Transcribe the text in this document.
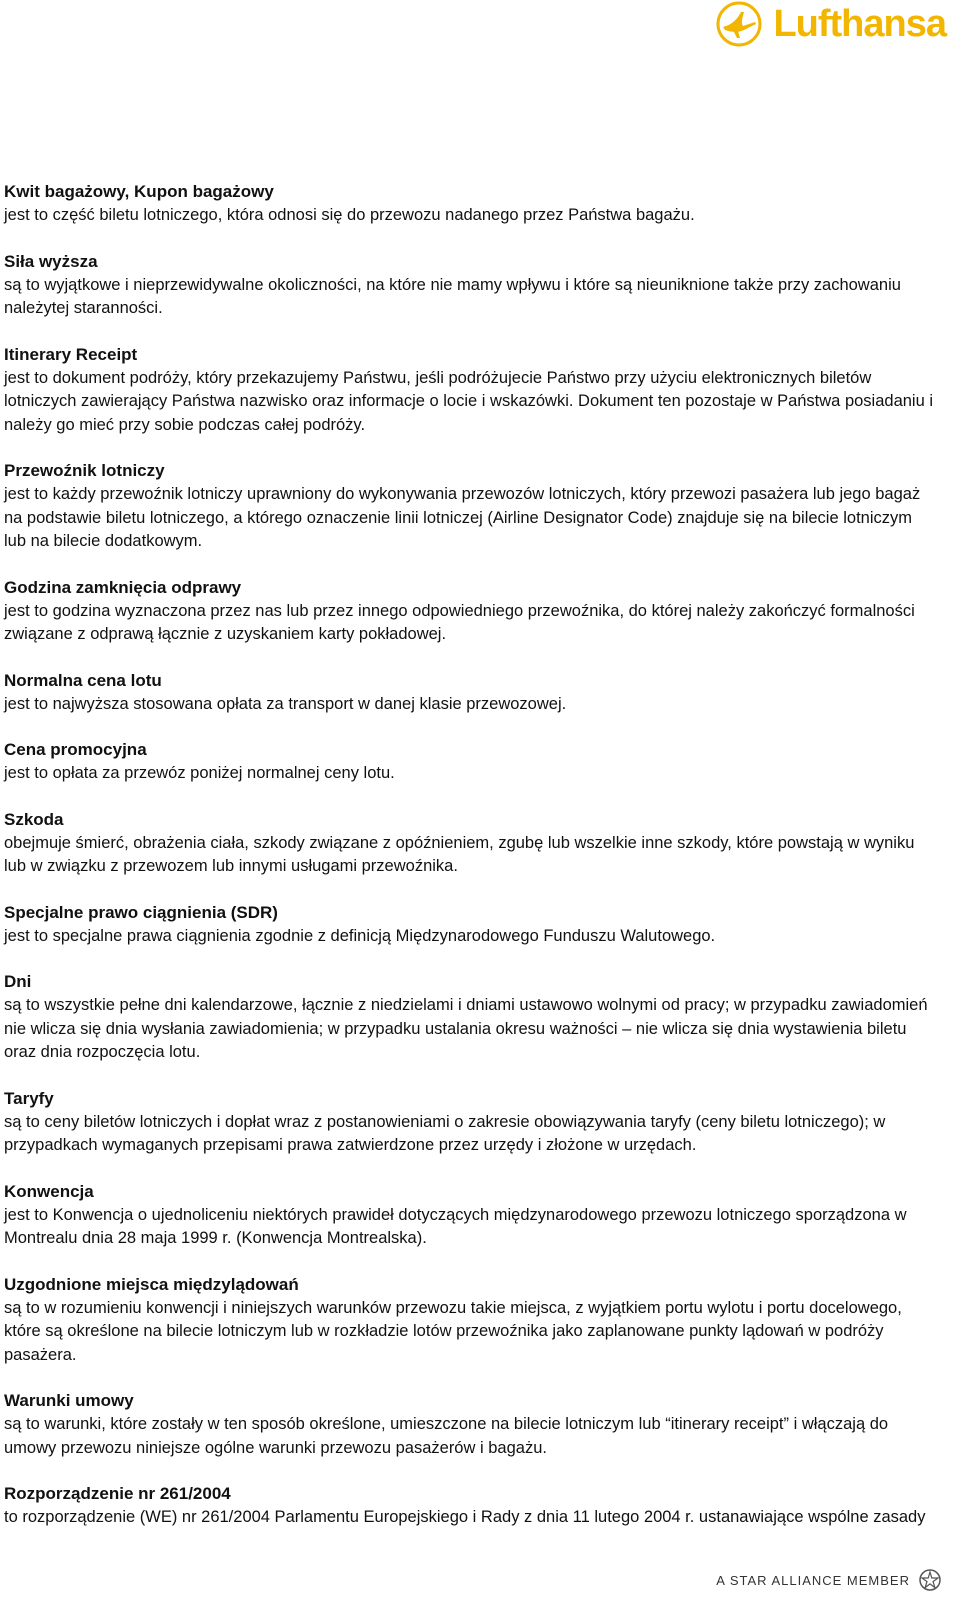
Lufthansa
Kwit bagażowy, Kupon bagażowy
jest to część biletu lotniczego, która odnosi się do przewozu nadanego przez Państwa bagażu.
Siła wyższa
są to wyjątkowe i nieprzewidywalne okoliczności, na które nie mamy wpływu i które są nieuniknione także przy zachowaniu należytej staranności.
Itinerary Receipt
jest to dokument podróży, który przekazujemy Państwu, jeśli podróżujecie Państwo przy użyciu elektronicznych biletów lotniczych zawierający Państwa nazwisko oraz informacje o locie i wskazówki. Dokument ten pozostaje w Państwa posiadaniu i należy go mieć przy sobie podczas całej podróży.
Przewoźnik lotniczy
jest to każdy przewoźnik lotniczy uprawniony do wykonywania przewozów lotniczych, który przewozi pasażera lub jego bagaż na podstawie biletu lotniczego, a którego oznaczenie linii lotniczej (Airline Designator Code) znajduje się na bilecie lotniczym lub na bilecie dodatkowym.
Godzina zamknięcia odprawy
jest to godzina wyznaczona przez nas lub przez innego odpowiedniego przewoźnika, do której należy zakończyć formalności związane z odprawą łącznie z uzyskaniem karty pokładowej.
Normalna cena lotu
jest to najwyższa stosowana opłata za transport w danej klasie przewozowej.
Cena promocyjna
jest to opłata za przewóz poniżej normalnej ceny lotu.
Szkoda
obejmuje śmierć, obrażenia ciała, szkody związane z opóźnieniem, zgubę lub wszelkie inne szkody, które powstają w wyniku lub w związku z przewozem lub innymi usługami przewoźnika.
Specjalne prawo ciągnienia (SDR)
jest to specjalne prawa ciągnienia zgodnie z definicją Międzynarodowego Funduszu Walutowego.
Dni
są to wszystkie pełne dni kalendarzowe, łącznie z niedzielami i dniami ustawowo wolnymi od pracy; w przypadku zawiadomień nie wlicza się dnia wysłania zawiadomienia; w przypadku ustalania okresu ważności – nie wlicza się dnia wystawienia biletu oraz dnia rozpoczęcia lotu.
Taryfy
są to ceny biletów lotniczych i dopłat wraz z postanowieniami o zakresie obowiązywania taryfy (ceny biletu lotniczego); w przypadkach wymaganych przepisami prawa zatwierdzone przez urzędy i złożone w urzędach.
Konwencja
jest to Konwencja o ujednoliceniu niektórych prawideł dotyczących międzynarodowego przewozu lotniczego sporządzona w Montrealu dnia 28 maja 1999 r. (Konwencja Montrealska).
Uzgodnione miejsca międzylądowań
są to w rozumieniu konwencji i niniejszych warunków przewozu takie miejsca, z wyjątkiem portu wylotu i portu docelowego, które są określone na bilecie lotniczym lub w rozkładzie lotów przewoźnika jako zaplanowane punkty lądowań w podróży pasażera.
Warunki umowy
są to warunki, które zostały w ten sposób określone, umieszczone na bilecie lotniczym lub “itinerary receipt” i włączają do umowy przewozu niniejsze ogólne warunki przewozu pasażerów i bagażu.
Rozporządzenie nr 261/2004
to rozporządzenie (WE) nr 261/2004 Parlamentu Europejskiego i Rady z dnia 11 lutego 2004 r. ustanawiające wspólne zasady
A STAR ALLIANCE MEMBER
